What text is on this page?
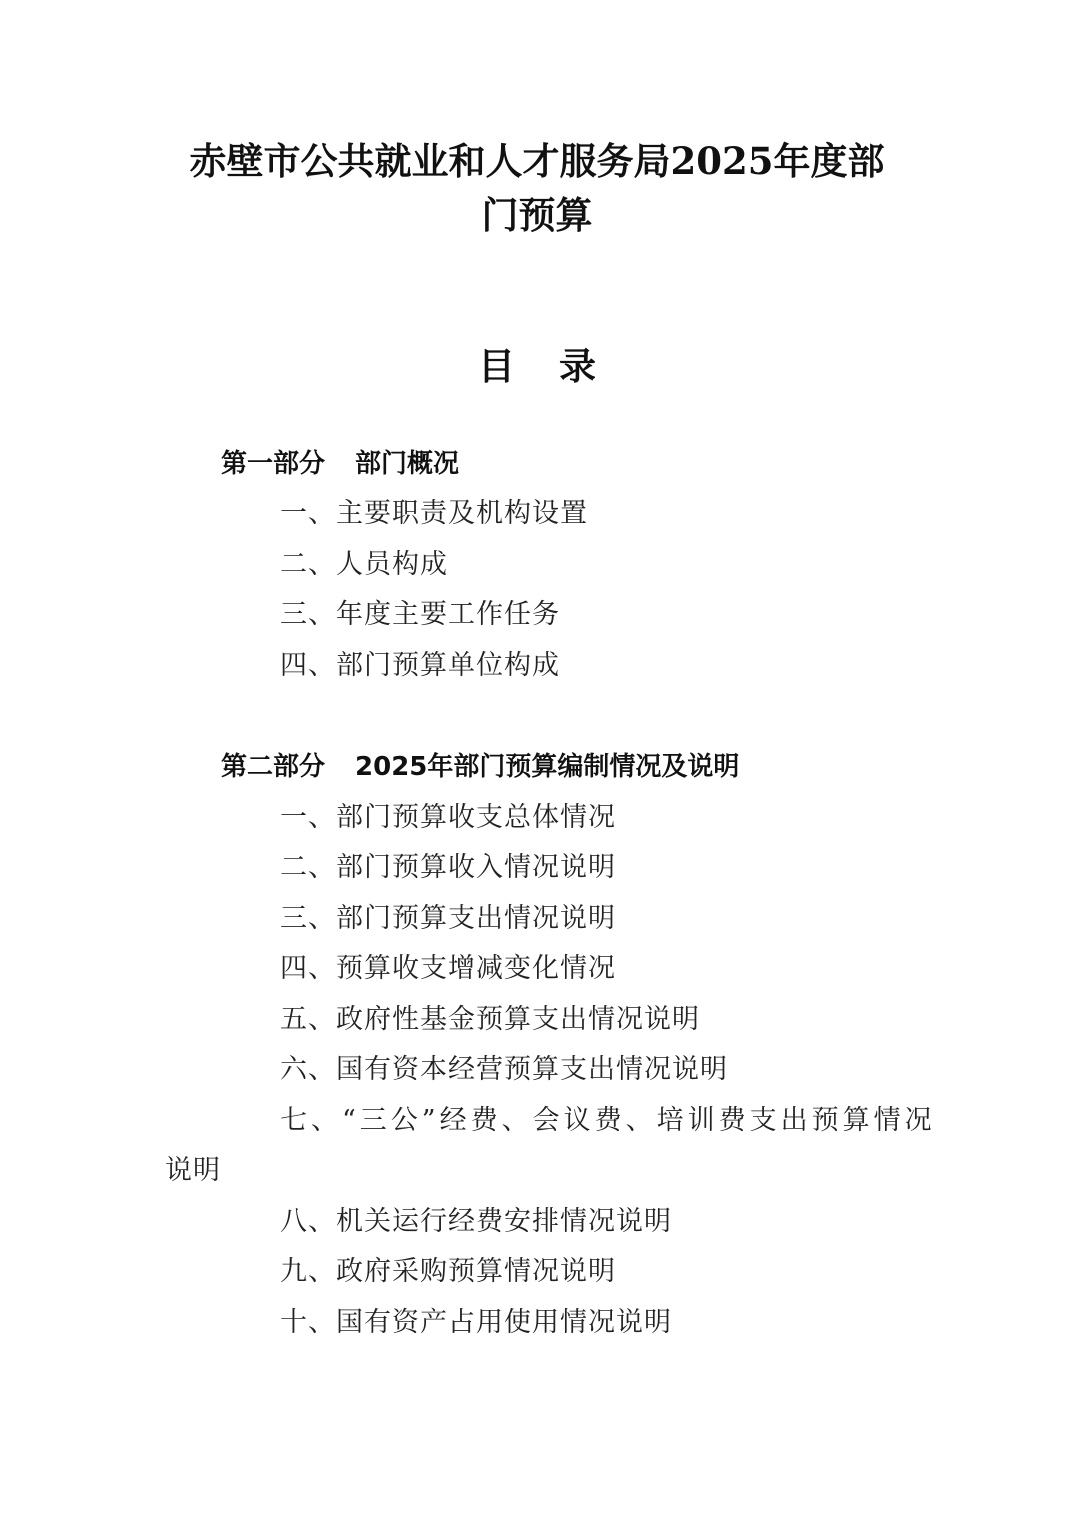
赤壁市公共就业和人才服务局2025年度部
门预算
目录
第一部分 部门概况
一、主要职责及机构设置
二、人员构成
三、年度主要工作任务
四、部门预算单位构成
第二部分 2025年部门预算编制情况及说明
一、部门预算收支总体情况
二、部门预算收入情况说明
三、部门预算支出情况说明
四、预算收支增减变化情况
五、政府性基金预算支出情况说明
六、国有资本经营预算支出情况说明
七、“三公”经费、会议费、培训费支出预算情况
说明
八、机关运行经费安排情况说明
九、政府采购预算情况说明
十、国有资产占用使用情况说明
